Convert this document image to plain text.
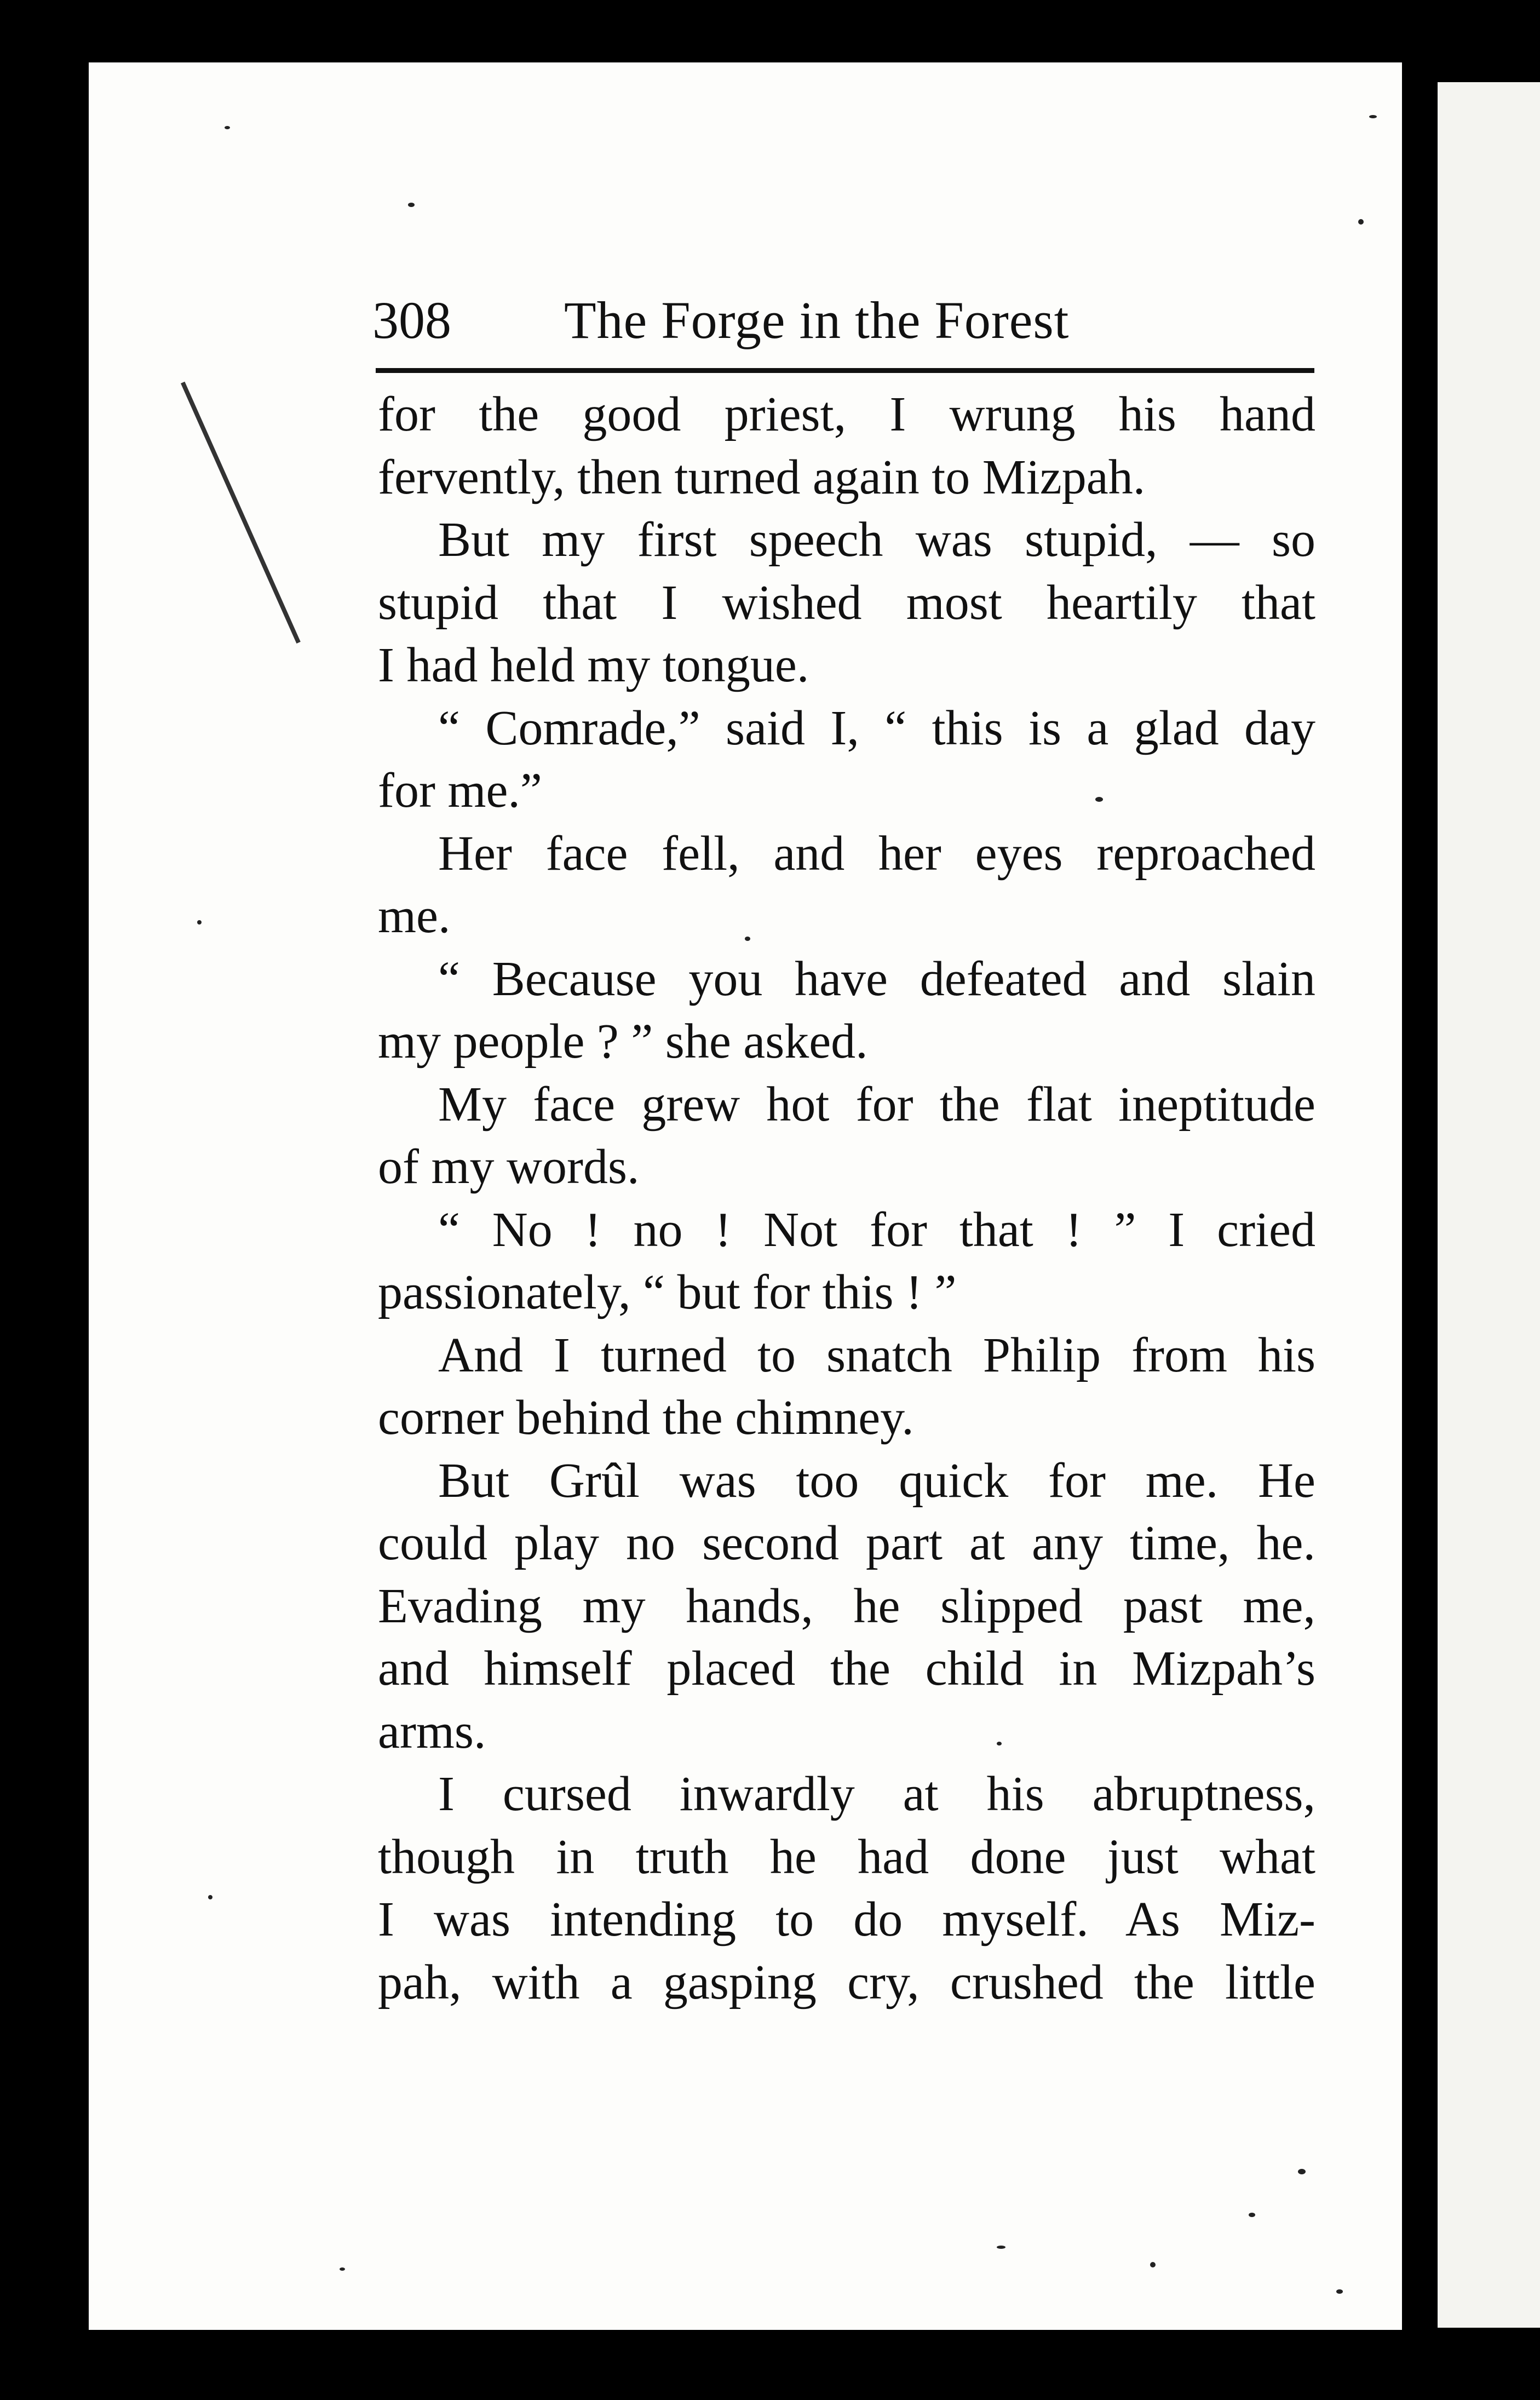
308 The Forge in the Forest
for the good priest, I wrung his hand
fervently, then turned again to Mizpah.
But my first speech was stupid, — so
stupid that I wished most heartily that
I had held my tongue.
“ Comrade,” said I, “ this is a glad day
for me.”
Her face fell, and her eyes reproached
me.
“ Because you have defeated and slain
my people ? ” she asked.
My face grew hot for the flat ineptitude
of my words.
“ No ! no ! Not for that ! ” I cried
passionately, “ but for this ! ”
And I turned to snatch Philip from his
corner behind the chimney.
But Grûl was too quick for me. He
could play no second part at any time, he.
Evading my hands, he slipped past me,
and himself placed the child in Mizpah’s
arms.
I cursed inwardly at his abruptness,
though in truth he had done just what
I was intending to do myself. As Miz-
pah, with a gasping cry, crushed the little
